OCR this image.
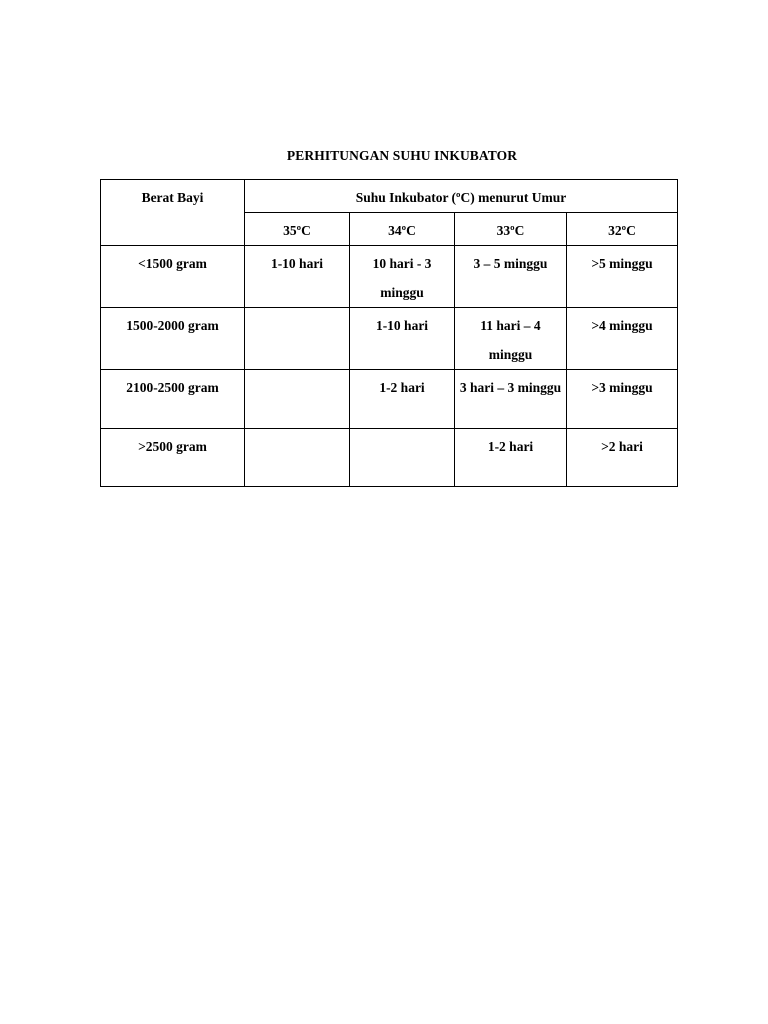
PERHITUNGAN SUHU INKUBATOR
Berat Bayi	Suhu Inkubator (ºC) menurut Umur			
	35ºC	34ºC	33ºC	32ºC
<1500 gram	1-10 hari	10 hari - 3 minggu	3 – 5 minggu	>5 minggu
1500-2000 gram		1-10 hari	11 hari – 4 minggu	>4 minggu
2100-2500 gram		1-2 hari	3 hari – 3 minggu	>3 minggu
>2500 gram			1-2 hari	>2 hari
